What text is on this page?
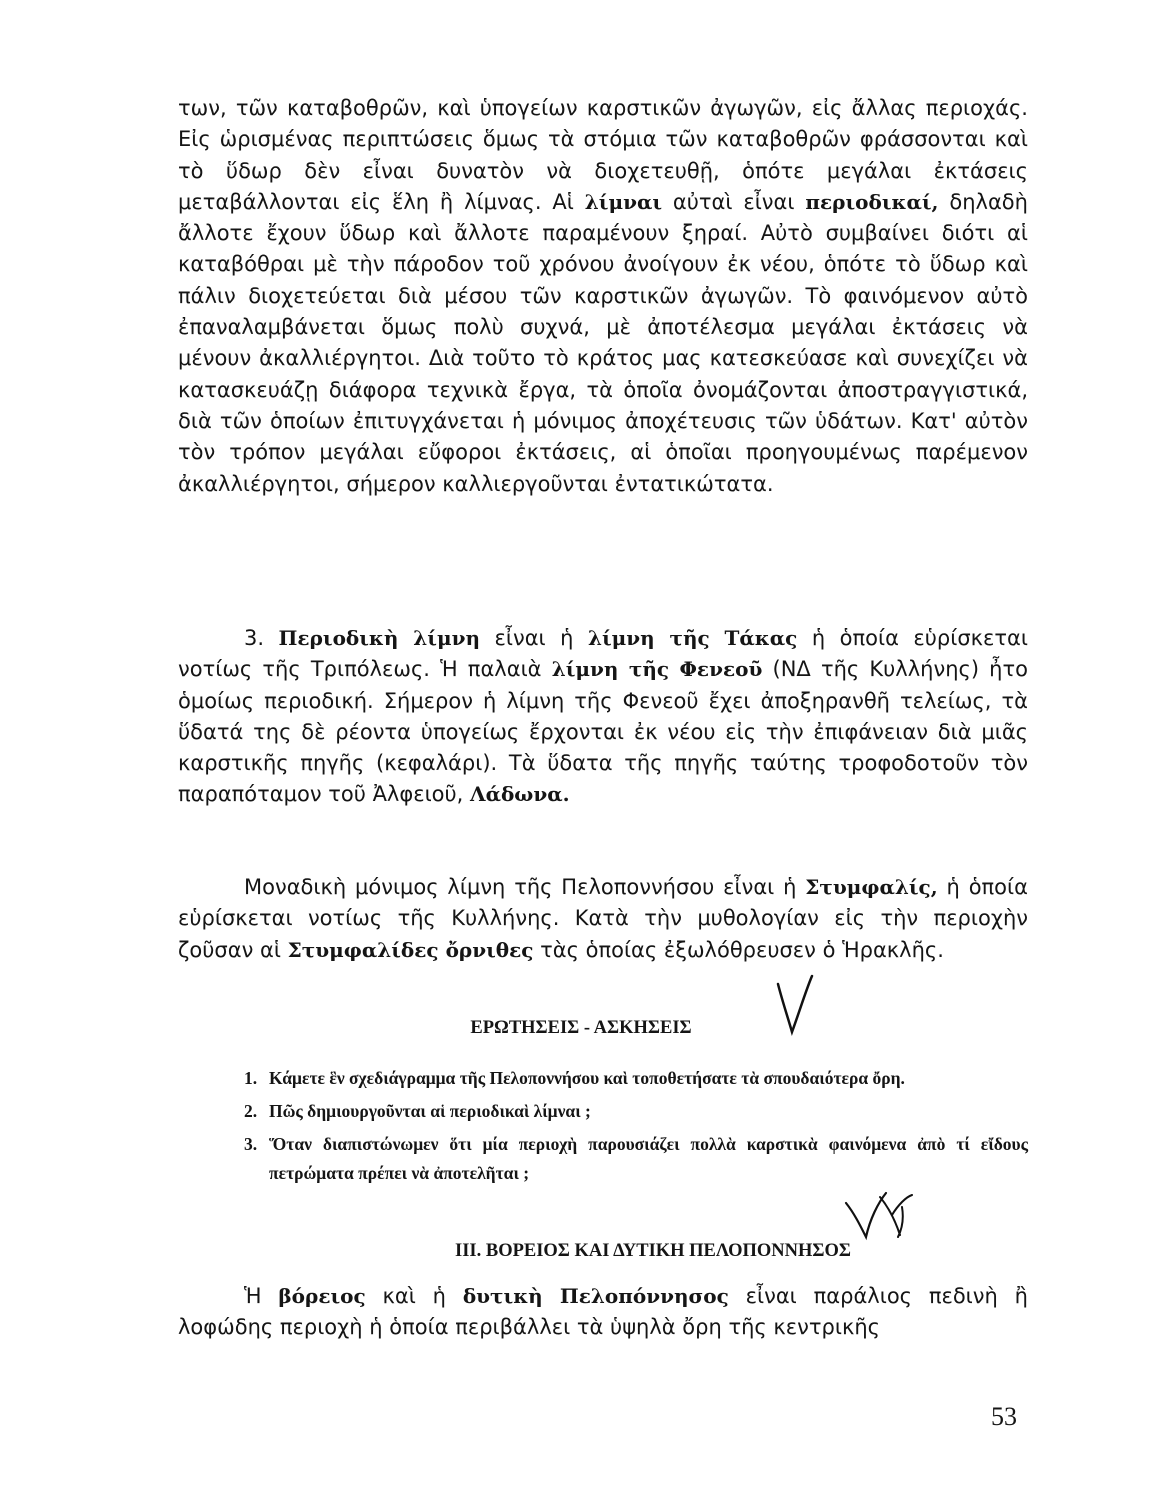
των, τῶν καταβοθρῶν, καὶ ὑπογείων καρστικῶν ἀγωγῶν, εἰς ἄλλας περιοχάς. Εἰς ὡρισμένας περιπτώσεις ὅμως τὰ στόμια τῶν καταβοθρῶν φράσσονται καὶ τὸ ὕδωρ δὲν εἶναι δυνατὸν νὰ διοχετευθῇ, ὁπότε μεγάλαι ἐκτάσεις μεταβάλλονται εἰς ἕλη ἢ λίμνας. Αἱ λίμναι αὐταὶ εἶναι περιοδικαί, δηλαδὴ ἄλλοτε ἔχουν ὕδωρ καὶ ἄλλοτε παραμένουν ξηραί. Αὐτὸ συμβαίνει διότι αἱ καταβόθραι μὲ τὴν πάροδον τοῦ χρόνου ἀνοίγουν ἐκ νέου, ὁπότε τὸ ὕδωρ καὶ πάλιν διοχετεύεται διὰ μέσου τῶν καρστικῶν ἀγωγῶν. Τὸ φαινόμενον αὐτὸ ἐπαναλαμβάνεται ὅμως πολὺ συχνά, μὲ ἀποτέλεσμα μεγάλαι ἐκτάσεις νὰ μένουν ἀκαλλιέργητοι. Διὰ τοῦτο τὸ κράτος μας κατεσκεύασε καὶ συνεχίζει νὰ κατασκευάζῃ διάφορα τεχνικὰ ἔργα, τὰ ὁποῖα ὀνομάζονται ἀποστραγγιστικά, διὰ τῶν ὁποίων ἐπιτυγχάνεται ἡ μόνιμος ἀποχέτευσις τῶν ὑδάτων. Κατ' αὐτὸν τὸν τρόπον μεγάλαι εὔφοροι ἐκτάσεις, αἱ ὁποῖαι προηγουμένως παρέμενον ἀκαλλιέργητοι, σήμερον καλλιεργοῦνται ἐντατικώτατα.

3. Περιοδικὴ λίμνη εἶναι ἡ λίμνη τῆς Τάκας ἡ ὁποία εὑρίσκεται νοτίως τῆς Τριπόλεως. Ἡ παλαιὰ λίμνη τῆς Φενεοῦ (ΝΔ τῆς Κυλλήνης) ἦτο ὁμοίως περιοδική. Σήμερον ἡ λίμνη τῆς Φενεοῦ ἔχει ἀποξηρανθῆ τελείως, τὰ ὕδατά της δὲ ρέοντα ὑπογείως ἔρχονται ἐκ νέου εἰς τὴν ἐπιφάνειαν διὰ μιᾶς καρστικῆς πηγῆς (κεφαλάρι). Τὰ ὕδατα τῆς πηγῆς ταύτης τροφοδοτοῦν τὸν παραπόταμον τοῦ Ἀλφειοῦ, Λάδωνα.

Μοναδικὴ μόνιμος λίμνη τῆς Πελοποννήσου εἶναι ἡ Στυμφαλίς, ἡ ὁποία εὑρίσκεται νοτίως τῆς Κυλλήνης. Κατὰ τὴν μυθολογίαν εἰς τὴν περιοχὴν ζοῦσαν αἱ Στυμφαλίδες ὄρνιθες τὰς ὁποίας ἐξωλόθρευσεν ὁ Ἡρακλῆς.

ΕΡΩΤΗΣΕΙΣ - ΑΣΚΗΣΕΙΣ
1. Κάμετε ἓν σχεδιάγραμμα τῆς Πελοποννήσου καὶ τοποθετήσατε τὰ σπουδαιότερα ὄρη.
2. Πῶς δημιουργοῦνται αἱ περιοδικαὶ λίμναι ;
3. Ὅταν διαπιστώνωμεν ὅτι μία περιοχὴ παρουσιάζει πολλὰ καρστικὰ φαινόμενα ἀπὸ τί εἴδους πετρώματα πρέπει νὰ ἀποτελῆται ;
III. ΒΟΡΕΙΟΣ ΚΑΙ ΔΥΤΙΚΗ ΠΕΛΟΠΟΝΝΗΣΟΣ

Ἡ βόρειος καὶ ἡ δυτικὴ Πελοπόννησος εἶναι παράλιος πεδινὴ ἢ λοφώδης περιοχὴ ἡ ὁποία περιβάλλει τὰ ὑψηλὰ ὄρη τῆς κεντρικῆς

53
